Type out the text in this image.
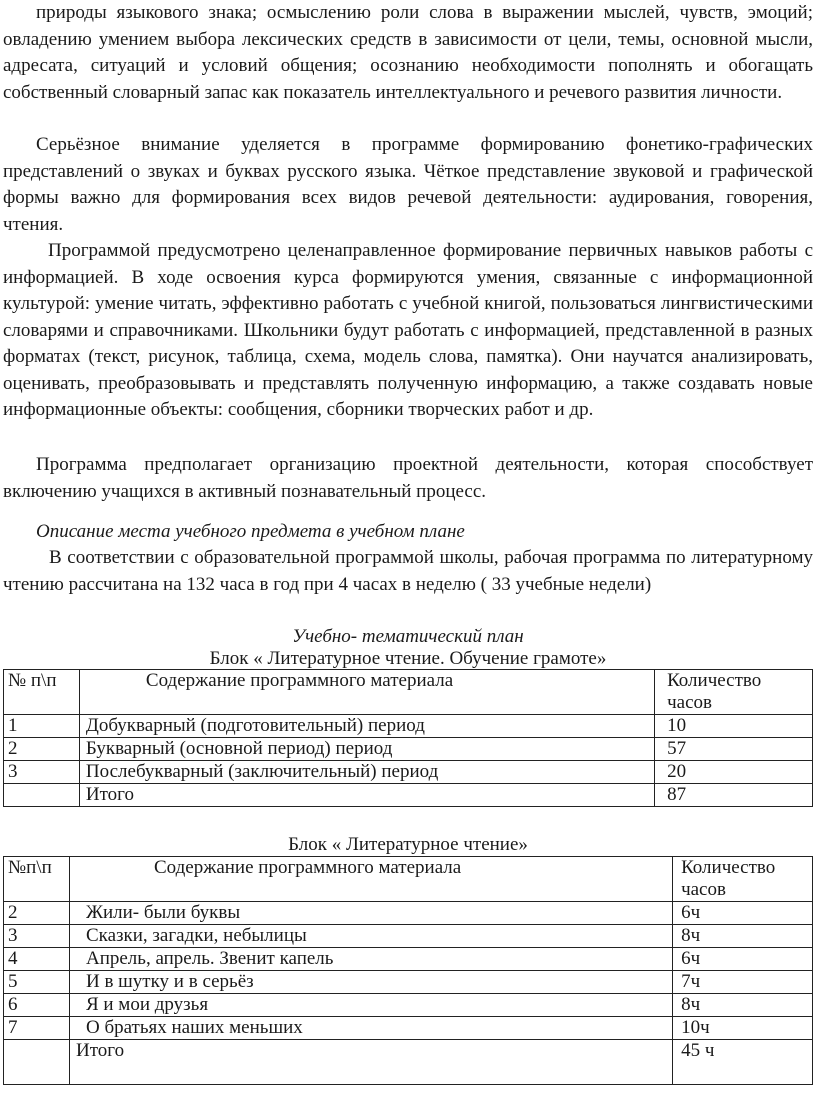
природы языкового знака; осмыслению роли слова в выражении мыслей, чувств, эмоций; овладению умением выбора лексических средств в зависимости от цели, темы, основной мысли, адресата, ситуаций и условий общения; осознанию необходимости пополнять и обогащать собственный словарный запас как показатель интеллектуального и речевого развития личности.

Серьёзное внимание уделяется в программе формированию фонетико-графических представлений о звуках и буквах русского языка. Чёткое представление звуковой и графической формы важно для формирования всех видов речевой деятельности: аудирования, говорения, чтения.

Программой предусмотрено целенаправленное формирование первичных навыков работы с информацией. В ходе освоения курса формируются умения, связанные с информационной культурой: умение читать, эффективно работать с учебной книгой, пользоваться лингвистическими словарями и справочниками. Школьники будут работать с информацией, представленной в разных форматах (текст, рисунок, таблица, схема, модель слова, памятка). Они научатся анализировать, оценивать, преобразовывать и представлять полученную информацию, а также создавать новые информационные объекты: сообщения, сборники творческих работ и др.

Программа предполагает организацию проектной деятельности, которая способствует включению учащихся в активный познавательный процесс.

Описание места учебного предмета в учебном плане

В соответствии с образовательной программой школы, рабочая программа по литературному чтению рассчитана на 132 часа в год при 4 часах в неделю ( 33 учебные недели)

Учебно- тематический план
Блок « Литературное чтение. Обучение грамоте»
№ п\п	Содержание программного материала	Количество часов
1	Добукварный (подготовительный) период	10
2	Букварный (основной период) период	57
3	Послебукварный (заключительный) период	20
	Итого	87
Блок « Литературное чтение»
№п\п	Содержание программного материала	Количество часов
2	Жили- были буквы	6ч
3	Сказки, загадки, небылицы	8ч
4	Апрель, апрель. Звенит капель	6ч
5	И в шутку и в серьёз	7ч
6	Я и мои друзья	8ч
7	О братьях наших меньших	10ч
	Итого	45 ч
